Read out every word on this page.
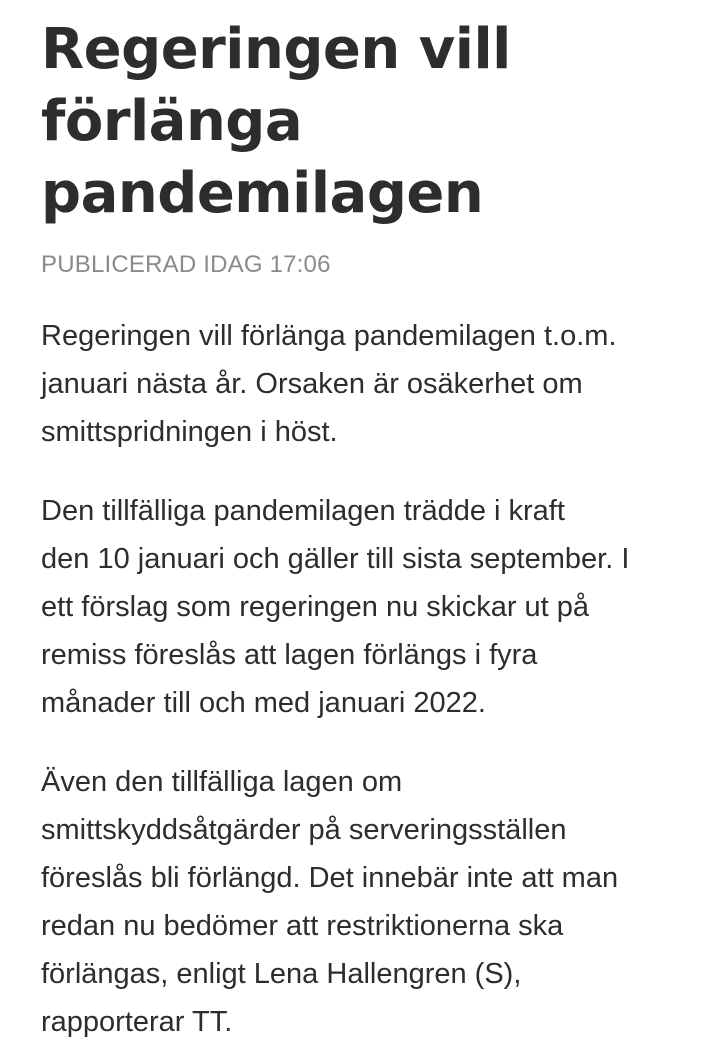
Regeringen vill
förlänga
pandemilagen
PUBLICERAD IDAG 17:06

Regeringen vill förlänga pandemilagen t.o.m.
januari nästa år. Orsaken är osäkerhet om
smittspridningen i höst.

Den tillfälliga pandemilagen trädde i kraft
den 10 januari och gäller till sista september. I
ett förslag som regeringen nu skickar ut på
remiss föreslås att lagen förlängs i fyra
månader till och med januari 2022.

Även den tillfälliga lagen om
smittskyddsåtgärder på serveringsställen
föreslås bli förlängd. Det innebär inte att man
redan nu bedömer att restriktionerna ska
förlängas, enligt Lena Hallengren (S),
rapporterar TT.
